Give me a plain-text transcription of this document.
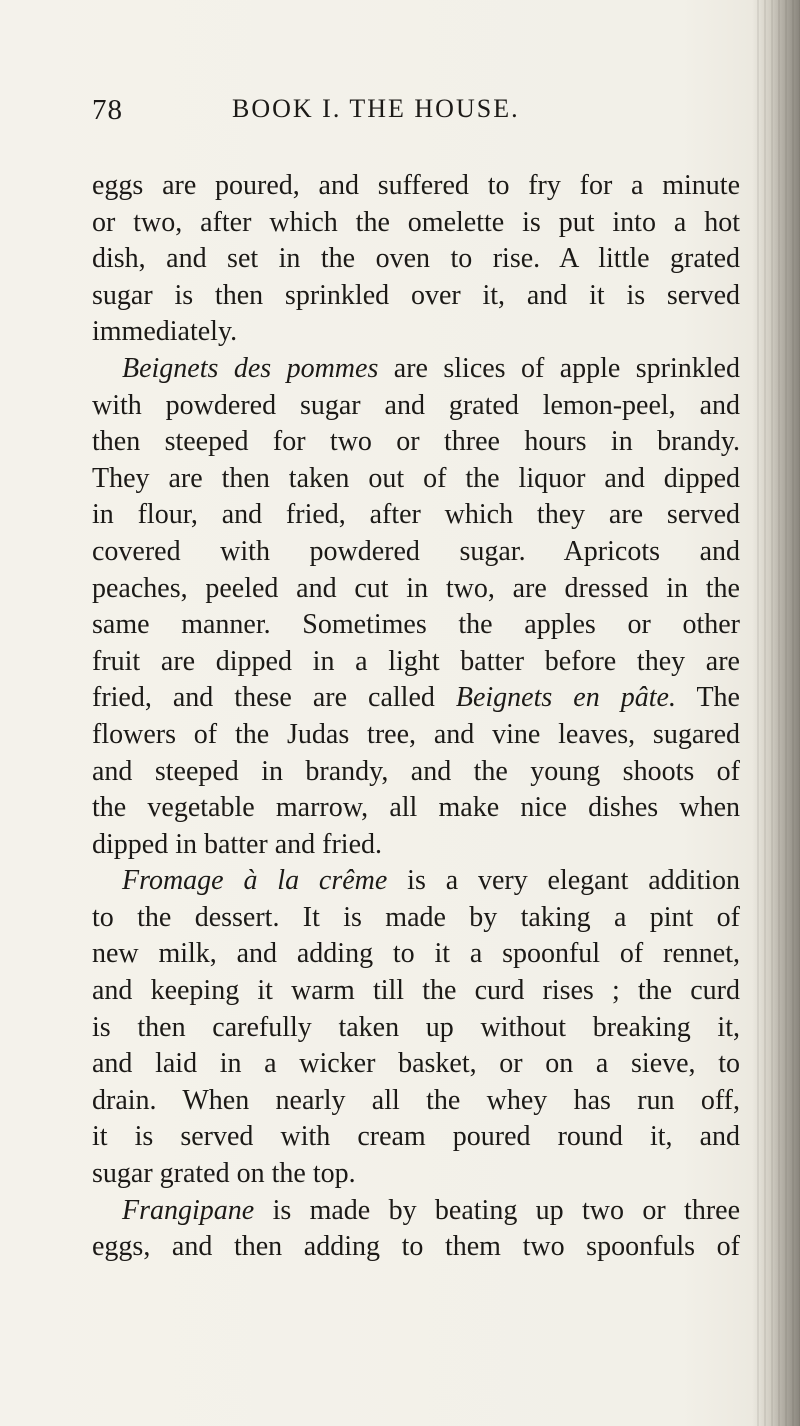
78	BOOK I. THE HOUSE.
eggs are poured, and suffered to fry for a minute
or two, after which the omelette is put into a hot
dish, and set in the oven to rise. A little grated
sugar is then sprinkled over it, and it is served
immediately.
Beignets des pommes are slices of apple sprinkled
with powdered sugar and grated lemon-peel, and
then steeped for two or three hours in brandy.
They are then taken out of the liquor and dipped
in flour, and fried, after which they are served
covered with powdered sugar. Apricots and
peaches, peeled and cut in two, are dressed in the
same manner. Sometimes the apples or other
fruit are dipped in a light batter before they are
fried, and these are called Beignets en pâte. The
flowers of the Judas tree, and vine leaves, sugared
and steeped in brandy, and the young shoots of
the vegetable marrow, all make nice dishes when
dipped in batter and fried.
Fromage à la crême is a very elegant addition
to the dessert. It is made by taking a pint of
new milk, and adding to it a spoonful of rennet,
and keeping it warm till the curd rises ; the curd
is then carefully taken up without breaking it,
and laid in a wicker basket, or on a sieve, to
drain. When nearly all the whey has run off,
it is served with cream poured round it, and
sugar grated on the top.
Frangipane is made by beating up two or three
eggs, and then adding to them two spoonfuls of
